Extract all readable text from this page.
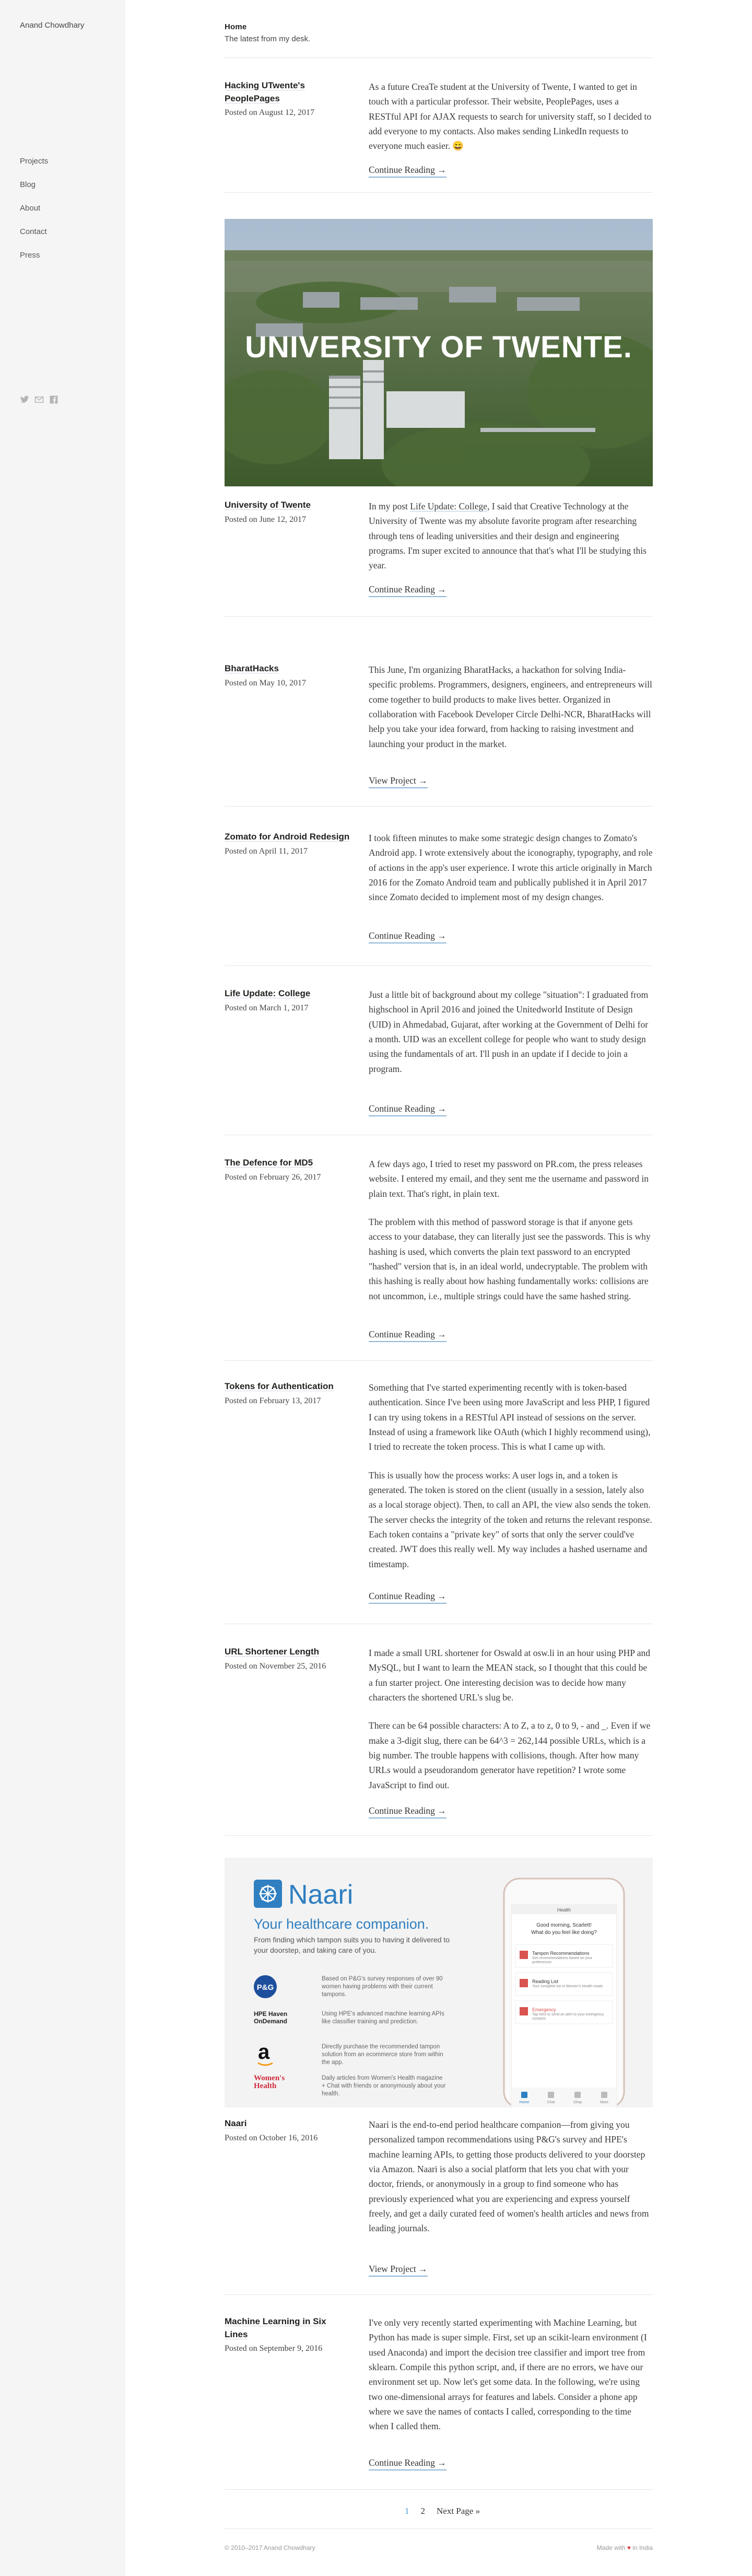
Anand Chowdhary
Projects
Blog
About
Contact
Press
Home
The latest from my desk.
Hacking UTwente's PeoplePages
Posted on August 12, 2017

As a future CreaTe student at the University of Twente, I wanted to get in touch with a particular professor. Their website, PeoplePages, uses a RESTful API for AJAX requests to search for university staff, so I decided to add everyone to my contacts. Also makes sending LinkedIn requests to everyone much easier. 😄

Continue Reading →
UNIVERSITY OF TWENTE.
University of Twente
Posted on June 12, 2017

In my post Life Update: College, I said that Creative Technology at the University of Twente was my absolute favorite program after researching through tens of leading universities and their design and engineering programs. I'm super excited to announce that that's what I'll be studying this year.

Continue Reading →
BharatHacks
Posted on May 10, 2017

This June, I'm organizing BharatHacks, a hackathon for solving India-specific problems. Programmers, designers, engineers, and entrepreneurs will come together to build products to make lives better. Organized in collaboration with Facebook Developer Circle Delhi-NCR, BharatHacks will help you take your idea forward, from hacking to raising investment and launching your product in the market.

View Project →
Zomato for Android Redesign
Posted on April 11, 2017

I took fifteen minutes to make some strategic design changes to Zomato's Android app. I wrote extensively about the iconography, typography, and role of actions in the app's user experience. I wrote this article originally in March 2016 for the Zomato Android team and publically published it in April 2017 since Zomato decided to implement most of my design changes.

Continue Reading →
Life Update: College
Posted on March 1, 2017

Just a little bit of background about my college "situation": I graduated from highschool in April 2016 and joined the Unitedworld Institute of Design (UID) in Ahmedabad, Gujarat, after working at the Government of Delhi for a month. UID was an excellent college for people who want to study design using the fundamentals of art. I'll push in an update if I decide to join a program.

Continue Reading →
The Defence for MD5
Posted on February 26, 2017

A few days ago, I tried to reset my password on PR.com, the press releases website. I entered my email, and they sent me the username and password in plain text. That's right, in plain text.

The problem with this method of password storage is that if anyone gets access to your database, they can literally just see the passwords. This is why hashing is used, which converts the plain text password to an encrypted "hashed" version that is, in an ideal world, undecryptable. The problem with this hashing is really about how hashing fundamentally works: collisions are not uncommon, i.e., multiple strings could have the same hashed string.

Continue Reading →
Tokens for Authentication
Posted on February 13, 2017

Something that I've started experimenting recently with is token-based authentication. Since I've been using more JavaScript and less PHP, I figured I can try using tokens in a RESTful API instead of sessions on the server. Instead of using a framework like OAuth (which I highly recommend using), I tried to recreate the token process. This is what I came up with.

This is usually how the process works: A user logs in, and a token is generated. The token is stored on the client (usually in a session, lately also as a local storage object). Then, to call an API, the view also sends the token. The server checks the integrity of the token and returns the relevant response. Each token contains a "private key" of sorts that only the server could've created. JWT does this really well. My way includes a hashed username and timestamp.

Continue Reading →
URL Shortener Length
Posted on November 25, 2016

I made a small URL shortener for Oswald at osw.li in an hour using PHP and MySQL, but I want to learn the MEAN stack, so I thought that this could be a fun starter project. One interesting decision was to decide how many characters the shortened URL's slug be.

There can be 64 possible characters: A to Z, a to z, 0 to 9, - and _. Even if we make a 3-digit slug, there can be 64^3 = 262,144 possible URLs, which is a big number. The trouble happens with collisions, though. After how many URLs would a pseudorandom generator have repetition? I wrote some JavaScript to find out.

Continue Reading →
Naari
Your healthcare companion.
From finding which tampon suits you to having it delivered to your doorstep, and taking care of you.
P&G
Based on P&G's survey responses of over 90 women having problems with their current tampons.
HPE Haven OnDemand
Using HPE's advanced machine learning APIs like classifier training and prediction.
a	Directly purchase the recommended tampon solution from an ecommerce store from within the app.
Women's Health
Daily articles from Women's Health magazine + Chat with friends or anonymously about your health.
Health
Good morning, Scarlett!
What do you feel like doing?
Tampon Recommendations
Get recommendations based on your preferences
Reading List
Your complete list of Women's Health reads
Emergency
Tap here to send an alert to your emergency contacts
Home	Chat	Shop	More
Naari
Posted on October 16, 2016

Naari is the end-to-end period healthcare companion—from giving you personalized tampon recommendations using P&G's survey and HPE's machine learning APIs, to getting those products delivered to your doorstep via Amazon. Naari is also a social platform that lets you chat with your doctor, friends, or anonymously in a group to find someone who has previously experienced what you are experiencing and express yourself freely, and get a daily curated feed of women's health articles and news from leading journals.

View Project →
Machine Learning in Six Lines
Posted on September 9, 2016

I've only very recently started experimenting with Machine Learning, but Python has made is super simple. First, set up an scikit-learn environment (I used Anaconda) and import the decision tree classifier and import tree from sklearn. Compile this python script, and, if there are no errors, we have our environment set up. Now let's get some data. In the following, we're using two one-dimensional arrays for features and labels. Consider a phone app where we save the names of contacts I called, corresponding to the time when I called them.

Continue Reading →
1 2 Next Page »
© 2010–2017 Anand Chowdhary	Made with ♥ in India
